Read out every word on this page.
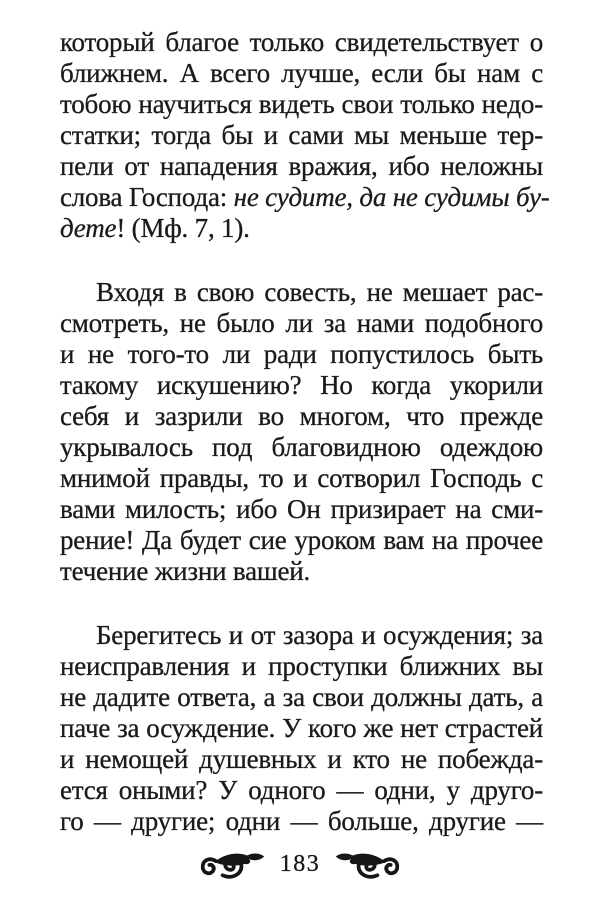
который благое только свидетельствует о
ближнем. А всего лучше, если бы нам с
тобою научиться видеть свои только недо-
статки; тогда бы и сами мы меньше тер-
пели от нападения вражия, ибо неложны
слова Господа: не судите, да не судимы бу-
дете! (Мф. 7, 1).
Входя в свою совесть, не мешает рас-
смотреть, не было ли за нами подобного
и не того-то ли ради попустилось быть
такому искушению? Но когда укорили
себя и зазрили во многом, что прежде
укрывалось под благовидною одеждою
мнимой правды, то и сотворил Господь с
вами милость; ибо Он призирает на сми-
рение! Да будет сие уроком вам на прочее
течение жизни вашей.
Берегитесь и от зазора и осуждения; за
неисправления и проступки ближних вы
не дадите ответа, а за свои должны дать, а
паче за осуждение. У кого же нет страстей
и немощей душевных и кто не побежда-
ется оными? У одного — одни, у друго-
го — другие; одни — больше, другие —
183
